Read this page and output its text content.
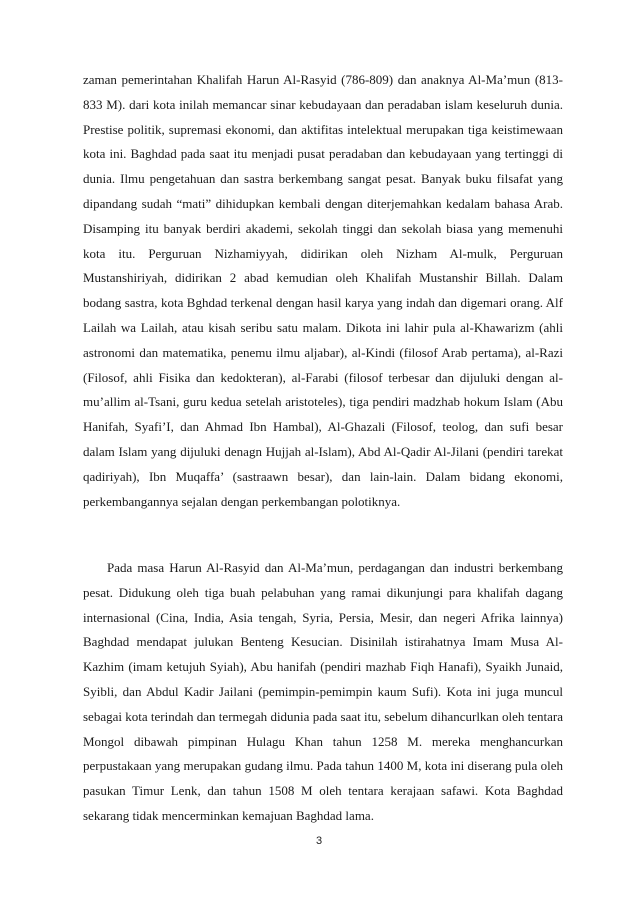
zaman pemerintahan Khalifah Harun Al-Rasyid (786-809) dan anaknya Al-Ma’mun (813-833 M). dari kota inilah memancar sinar kebudayaan dan peradaban islam keseluruh dunia. Prestise politik, supremasi ekonomi, dan aktifitas intelektual merupakan tiga keistimewaan kota ini. Baghdad pada saat itu menjadi pusat peradaban dan kebudayaan yang tertinggi di dunia. Ilmu pengetahuan dan sastra berkembang sangat pesat. Banyak buku filsafat yang dipandang sudah “mati” dihidupkan kembali dengan diterjemahkan kedalam bahasa Arab. Disamping itu banyak berdiri akademi, sekolah tinggi dan sekolah biasa yang memenuhi kota itu. Perguruan Nizhamiyyah, didirikan oleh Nizham Al-mulk, Perguruan Mustanshiriyah, didirikan 2 abad kemudian oleh Khalifah Mustanshir Billah. Dalam bodang sastra, kota Bghdad terkenal dengan hasil karya yang indah dan digemari orang. Alf Lailah wa Lailah, atau kisah seribu satu malam. Dikota ini lahir pula al-Khawarizm (ahli astronomi dan matematika, penemu ilmu aljabar), al-Kindi (filosof Arab pertama), al-Razi (Filosof, ahli Fisika dan kedokteran), al-Farabi (filosof terbesar dan dijuluki dengan al-mu’allim al-Tsani, guru kedua setelah aristoteles), tiga pendiri madzhab hokum Islam (Abu Hanifah, Syafi’I, dan Ahmad Ibn Hambal), Al-Ghazali (Filosof, teolog, dan sufi besar dalam Islam yang dijuluki denagn Hujjah al-Islam), Abd Al-Qadir Al-Jilani (pendiri tarekat qadiriyah), Ibn Muqaffa’ (sastraawn besar), dan lain-lain. Dalam bidang ekonomi, perkembangannya sejalan dengan perkembangan polotiknya.

Pada masa Harun Al-Rasyid dan Al-Ma’mun, perdagangan dan industri berkembang pesat. Didukung oleh tiga buah pelabuhan yang ramai dikunjungi para khalifah dagang internasional (Cina, India, Asia tengah, Syria, Persia, Mesir, dan negeri Afrika lainnya) Baghdad mendapat julukan Benteng Kesucian. Disinilah istirahatnya Imam Musa Al-Kazhim (imam ketujuh Syiah), Abu hanifah (pendiri mazhab Fiqh Hanafi), Syaikh Junaid, Syibli, dan Abdul Kadir Jailani (pemimpin-pemimpin kaum Sufi). Kota ini juga muncul sebagai kota terindah dan termegah didunia pada saat itu, sebelum dihancurlkan oleh tentara Mongol dibawah pimpinan Hulagu Khan tahun 1258 M. mereka menghancurkan perpustakaan yang merupakan gudang ilmu. Pada tahun 1400 M, kota ini diserang pula oleh pasukan Timur Lenk, dan tahun 1508 M oleh tentara kerajaan safawi. Kota Baghdad sekarang tidak mencerminkan kemajuan Baghdad lama.

3
